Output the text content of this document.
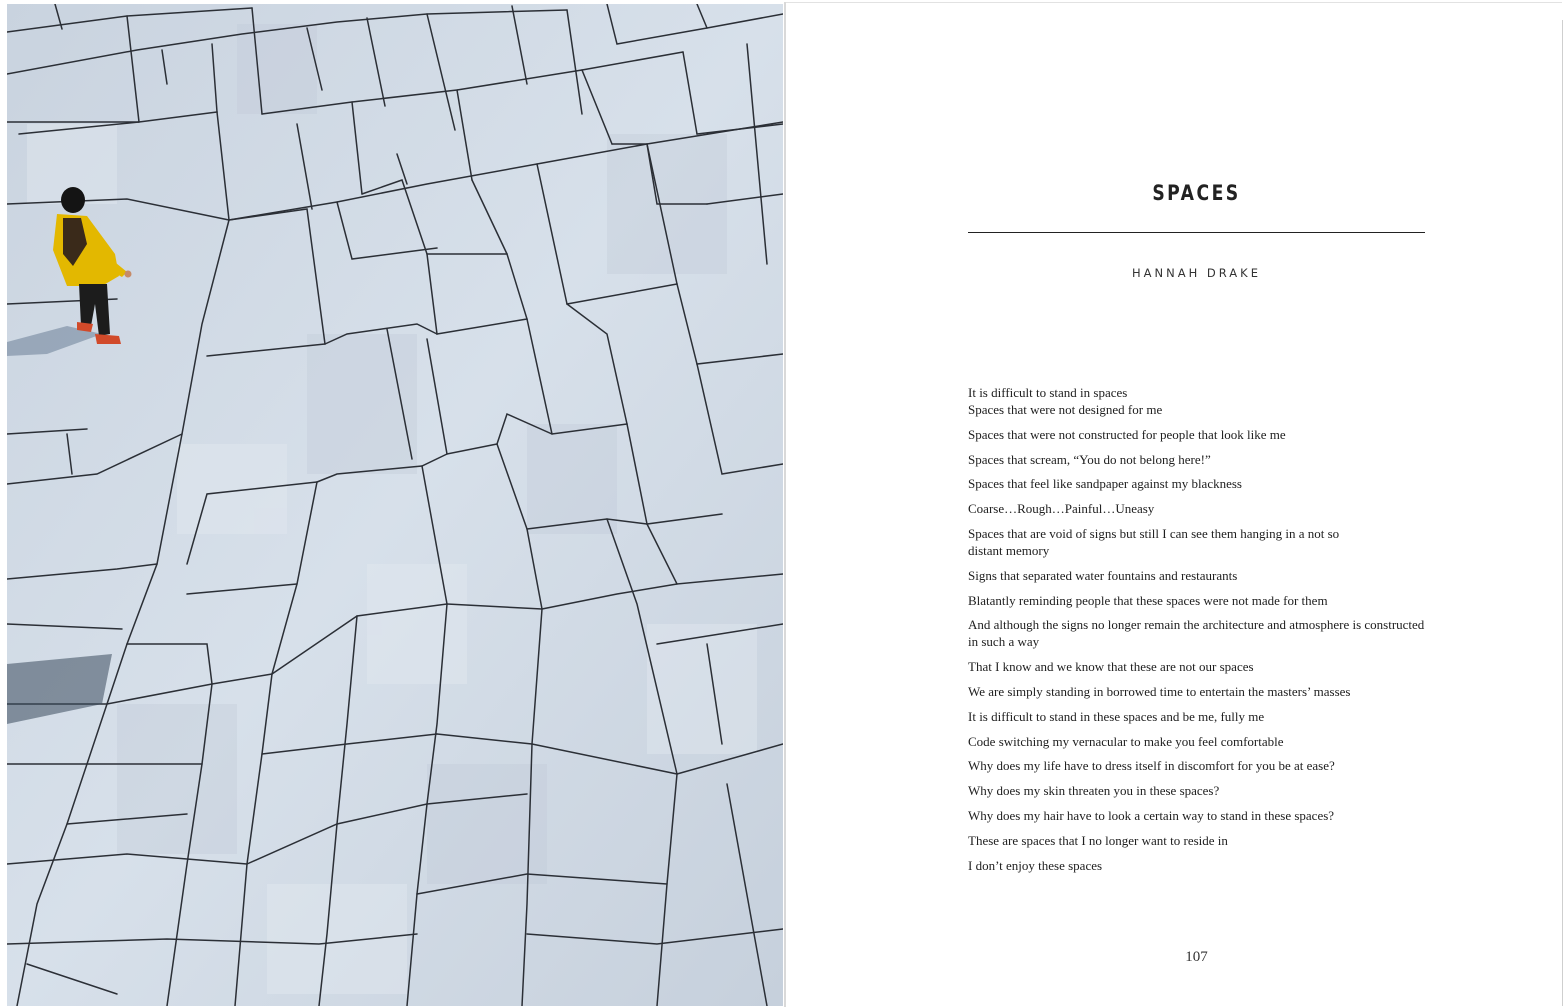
SPACES
HANNAH DRAKE
It is difficult to stand in spaces
Spaces that were not designed for me
Spaces that were not constructed for people that look like me
Spaces that scream, “You do not belong here!”
Spaces that feel like sandpaper against my blackness
Coarse…Rough…Painful…Uneasy
Spaces that are void of signs but still I can see them hanging in a not so
distant memory
Signs that separated water fountains and restaurants
Blatantly reminding people that these spaces were not made for them
And although the signs no longer remain the architecture and atmosphere is constructed
in such a way
That I know and we know that these are not our spaces
We are simply standing in borrowed time to entertain the masters’ masses
It is difficult to stand in these spaces and be me, fully me
Code switching my vernacular to make you feel comfortable
Why does my life have to dress itself in discomfort for you be at ease?
Why does my skin threaten you in these spaces?
Why does my hair have to look a certain way to stand in these spaces?
These are spaces that I no longer want to reside in
I don’t enjoy these spaces
107
